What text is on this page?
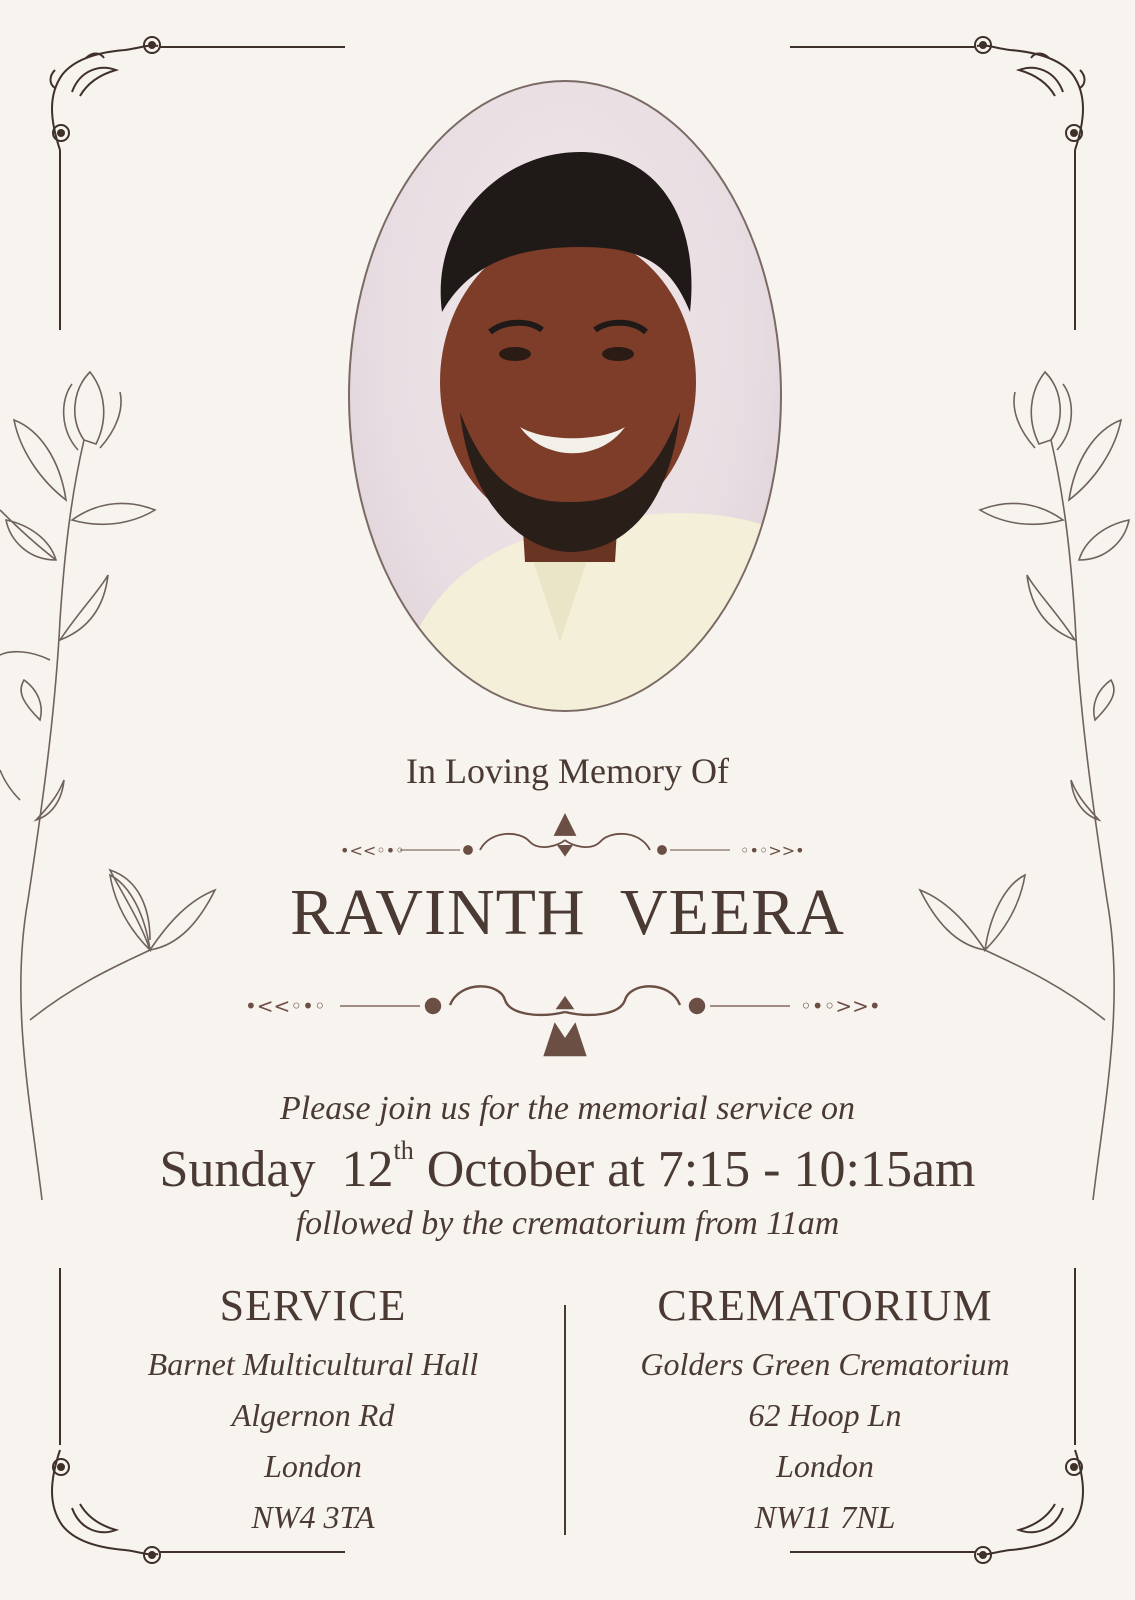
•<<◦•◦	◦•◦>>•
•<<◦•◦	◦•◦>>•
In Loving Memory Of
RAVINTH VEERA
Please join us for the memorial service on
Sunday 12th October at 7:15 - 10:15am
followed by the crematorium from 11am
SERVICE
Barnet Multicultural Hall
Algernon Rd
London
NW4 3TA
CREMATORIUM
Golders Green Crematorium
62 Hoop Ln
London
NW11 7NL
